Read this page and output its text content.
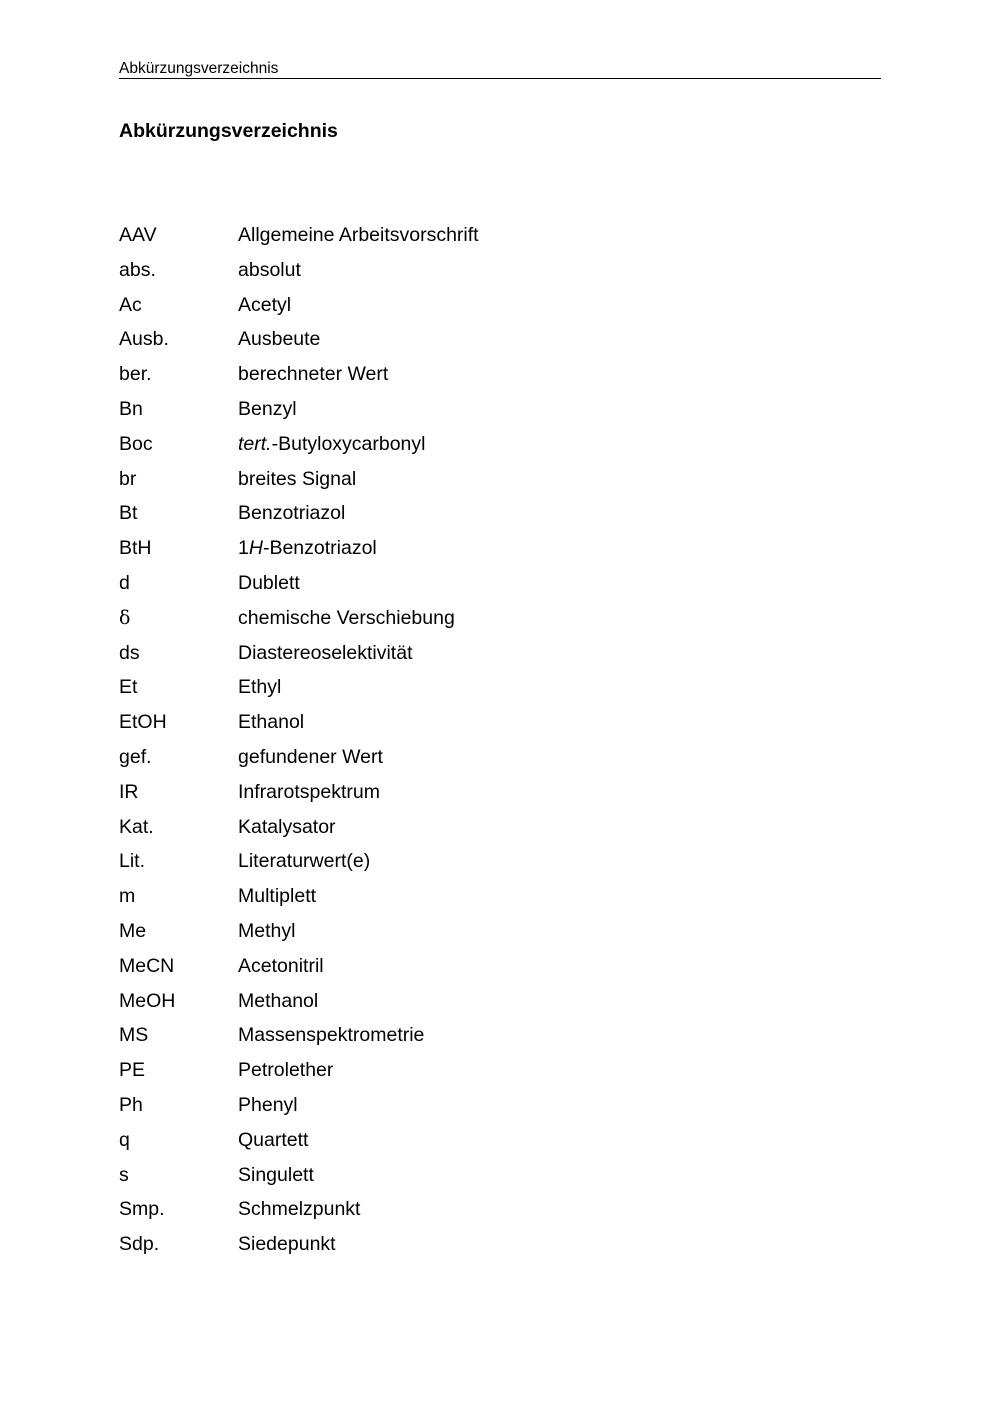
Abkürzungsverzeichnis
Abkürzungsverzeichnis
AAV	Allgemeine Arbeitsvorschrift
abs.	absolut
Ac	Acetyl
Ausb.	Ausbeute
ber.	berechneter Wert
Bn	Benzyl
Boc	tert.-Butyloxycarbonyl
br	breites Signal
Bt	Benzotriazol
BtH	1H-Benzotriazol
d	Dublett
δ	chemische Verschiebung
ds	Diastereoselektivität
Et	Ethyl
EtOH	Ethanol
gef.	gefundener Wert
IR	Infrarotspektrum
Kat.	Katalysator
Lit.	Literaturwert(e)
m	Multiplett
Me	Methyl
MeCN	Acetonitril
MeOH	Methanol
MS	Massenspektrometrie
PE	Petrolether
Ph	Phenyl
q	Quartett
s	Singulett
Smp.	Schmelzpunkt
Sdp.	Siedepunkt
